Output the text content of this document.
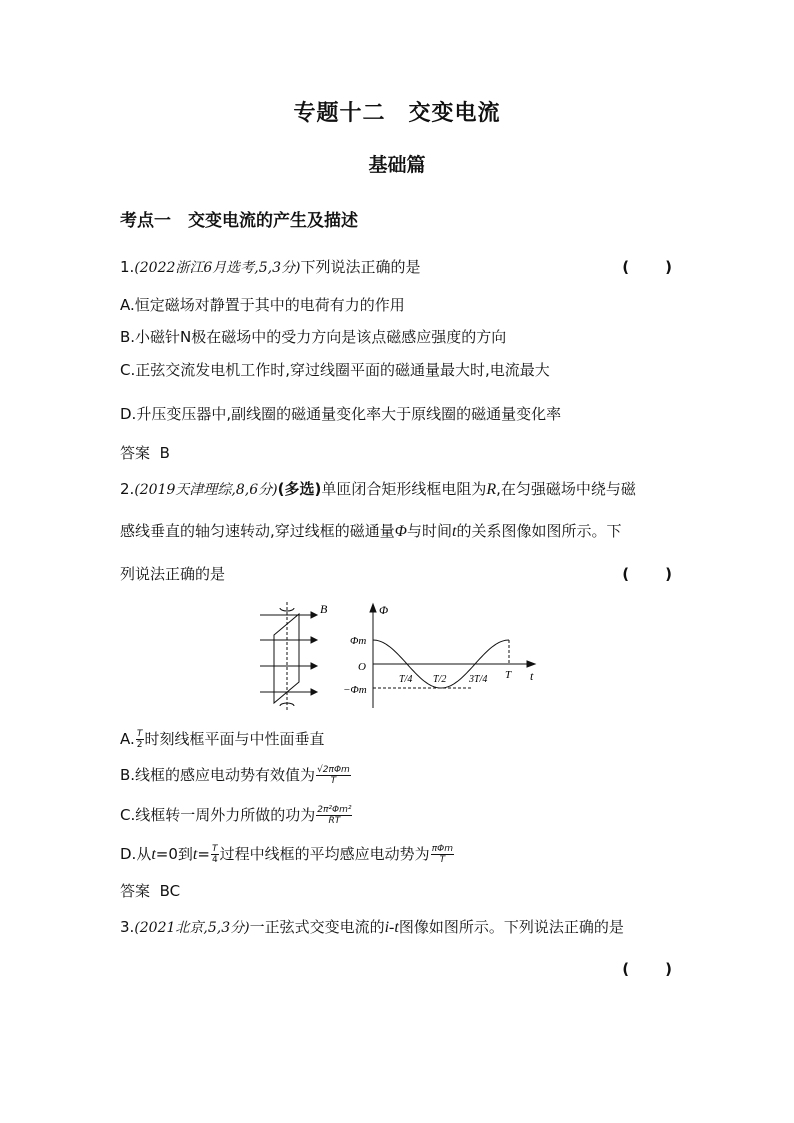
专题十二　交变电流
基础篇
考点一　交变电流的产生及描述
1.(2022浙江6月选考,5,3分)下列说法正确的是	(　　)
A.恒定磁场对静置于其中的电荷有力的作用
B.小磁针N极在磁场中的受力方向是该点磁感应强度的方向
C.正弦交流发电机工作时,穿过线圈平面的磁通量最大时,电流最大
D.升压变压器中,副线圈的磁通量变化率大于原线圈的磁通量变化率
答案 B
2.(2019天津理综,8,6分)(多选)单匝闭合矩形线框电阻为R,在匀强磁场中绕与磁
感线垂直的轴匀速转动,穿过线框的磁通量Φ与时间t的关系图像如图所示。下
列说法正确的是	(　　)
B	Φ
Φm
O
−Φm
T/4 T/2 3T/4 T t
A. $\frac{T}{2}$ 时刻线框平面与中性面垂直
B.线框的感应电动势有效值为 $\frac{\text{√2πΦm}}{T}$
C.线框转一周外力所做的功为 $\frac{\text{2π²Φm²}}{RT}$
D.从t=0到$t= \frac{T}{4}$ 过程中线框的平均感应电动势为 $\frac{\text{πΦm}}{T}$
答案 BC
3.(2021北京,5,3分)一正弦式交变电流的i-t图像如图所示。下列说法正确的是
(　　)
